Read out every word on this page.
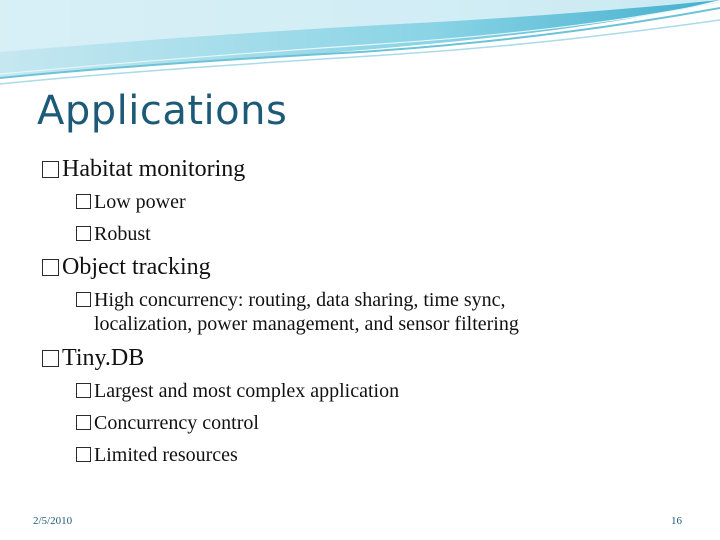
Applications
Habitat monitoring
Low power
Robust
Object tracking
High concurrency: routing, data sharing, time sync,
localization, power management, and sensor filtering
Tiny.DB
Largest and most complex application
Concurrency control
Limited resources
2/5/2010	16
